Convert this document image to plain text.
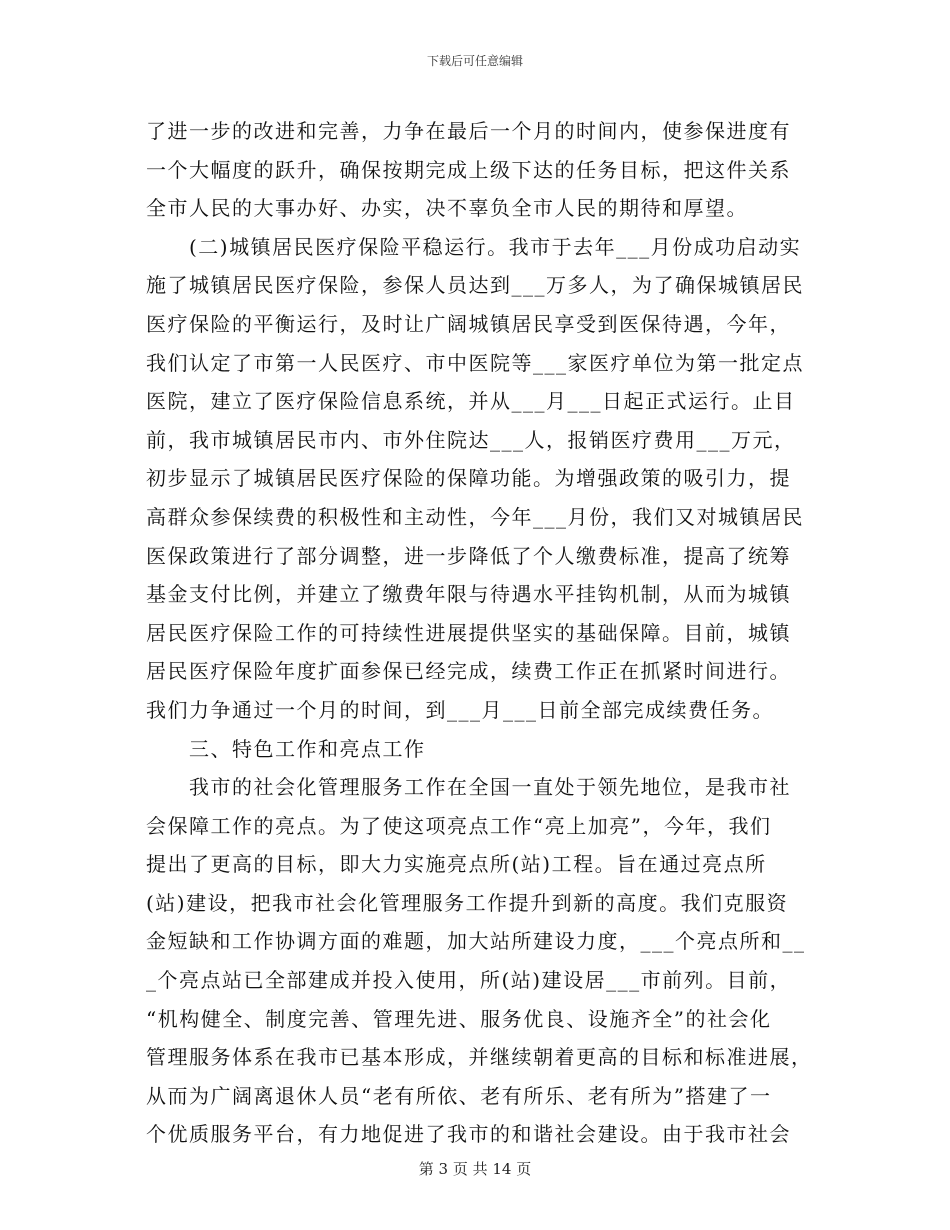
下载后可任意编辑
了进一步的改进和完善，力争在最后一个月的时间内，使参保进度有
一个大幅度的跃升，确保按期完成上级下达的任务目标，把这件关系
全市人民的大事办好、办实，决不辜负全市人民的期待和厚望。
　　(二)城镇居民医疗保险平稳运行。我市于去年___月份成功启动实
施了城镇居民医疗保险，参保人员达到___万多人，为了确保城镇居民
医疗保险的平衡运行，及时让广阔城镇居民享受到医保待遇，今年，
我们认定了市第一人民医疗、市中医院等___家医疗单位为第一批定点
医院，建立了医疗保险信息系统，并从___月___日起正式运行。止目
前，我市城镇居民市内、市外住院达___人，报销医疗费用___万元，
初步显示了城镇居民医疗保险的保障功能。为增强政策的吸引力，提
高群众参保续费的积极性和主动性，今年___月份，我们又对城镇居民
医保政策进行了部分调整，进一步降低了个人缴费标准，提高了统筹
基金支付比例，并建立了缴费年限与待遇水平挂钩机制，从而为城镇
居民医疗保险工作的可持续性进展提供坚实的基础保障。目前，城镇
居民医疗保险年度扩面参保已经完成，续费工作正在抓紧时间进行。
我们力争通过一个月的时间，到___月___日前全部完成续费任务。
　　三、特色工作和亮点工作
　　我市的社会化管理服务工作在全国一直处于领先地位，是我市社
会保障工作的亮点。为了使这项亮点工作“亮上加亮”，今年，我们
提出了更高的目标，即大力实施亮点所(站)工程。旨在通过亮点所
(站)建设，把我市社会化管理服务工作提升到新的高度。我们克服资
金短缺和工作协调方面的难题，加大站所建设力度，___个亮点所和__
_个亮点站已全部建成并投入使用，所(站)建设居___市前列。目前，
“机构健全、制度完善、管理先进、服务优良、设施齐全”的社会化
管理服务体系在我市已基本形成，并继续朝着更高的目标和标准进展，
从而为广阔离退休人员“老有所依、老有所乐、老有所为”搭建了一
个优质服务平台，有力地促进了我市的和谐社会建设。由于我市社会
第 3 页 共 14 页
